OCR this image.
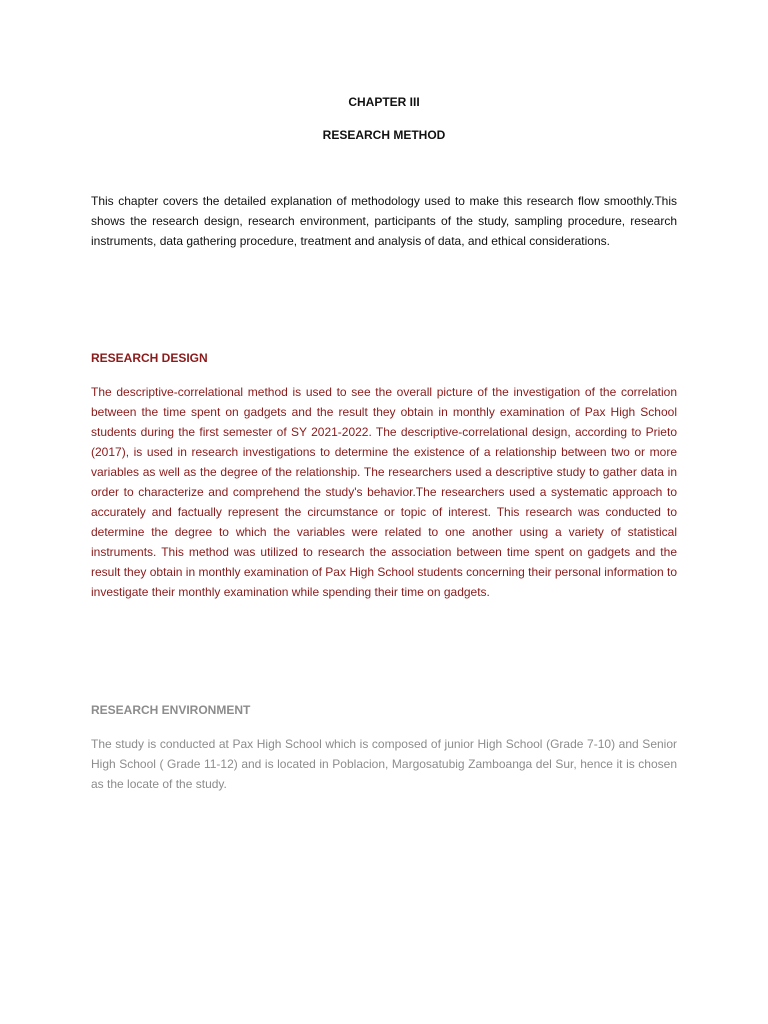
CHAPTER III
RESEARCH METHOD

This chapter covers the detailed explanation of methodology used to make this research flow smoothly.This shows the research design, research environment, participants of the study, sampling procedure, research instruments, data gathering procedure, treatment and analysis of data, and ethical considerations.

RESEARCH DESIGN

The descriptive-correlational method is used to see the overall picture of the investigation of the correlation between the time spent on gadgets and the result they obtain in monthly examination of Pax High School students during the first semester of SY 2021-2022. The descriptive-correlational design, according to Prieto (2017), is used in research investigations to determine the existence of a relationship between two or more variables as well as the degree of the relationship. The researchers used a descriptive study to gather data in order to characterize and comprehend the study's behavior.The researchers used a systematic approach to accurately and factually represent the circumstance or topic of interest. This research was conducted to determine the degree to which the variables were related to one another using a variety of statistical instruments. This method was utilized to research the association between time spent on gadgets and the result they obtain in monthly examination of Pax High School students concerning their personal information to investigate their monthly examination while spending their time on gadgets.

RESEARCH ENVIRONMENT

The study is conducted at Pax High School which is composed of junior High School (Grade 7-10) and Senior High School ( Grade 11-12) and is located in Poblacion, Margosatubig Zamboanga del Sur, hence it is chosen as the locate of the study.
